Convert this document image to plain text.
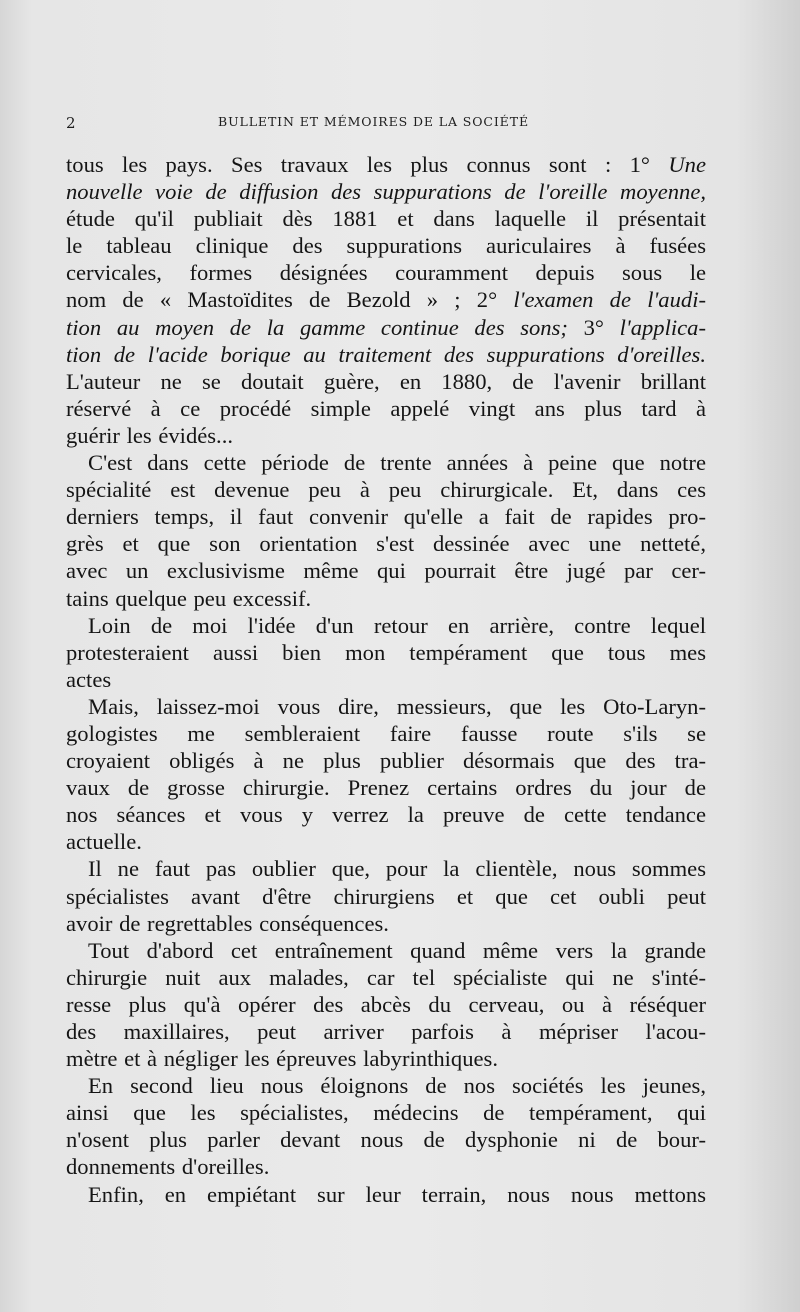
2	BULLETIN ET MÉMOIRES DE LA SOCIÉTÉ
tous les pays. Ses travaux les plus connus sont : 1° Une
nouvelle voie de diffusion des suppurations de l'oreille moyenne,
étude qu'il publiait dès 1881 et dans laquelle il présentait
le tableau clinique des suppurations auriculaires à fusées
cervicales, formes désignées couramment depuis sous le
nom de « Mastoïdites de Bezold » ; 2° l'examen de l'audi-
tion au moyen de la gamme continue des sons; 3° l'applica-
tion de l'acide borique au traitement des suppurations d'oreilles.
L'auteur ne se doutait guère, en 1880, de l'avenir brillant
réservé à ce procédé simple appelé vingt ans plus tard à
guérir les évidés...
C'est dans cette période de trente années à peine que notre
spécialité est devenue peu à peu chirurgicale. Et, dans ces
derniers temps, il faut convenir qu'elle a fait de rapides pro-
grès et que son orientation s'est dessinée avec une netteté,
avec un exclusivisme même qui pourrait être jugé par cer-
tains quelque peu excessif.
Loin de moi l'idée d'un retour en arrière, contre lequel
protesteraient aussi bien mon tempérament que tous mes
actes
Mais, laissez-moi vous dire, messieurs, que les Oto-Laryn-
gologistes me sembleraient faire fausse route s'ils se
croyaient obligés à ne plus publier désormais que des tra-
vaux de grosse chirurgie. Prenez certains ordres du jour de
nos séances et vous y verrez la preuve de cette tendance
actuelle.
Il ne faut pas oublier que, pour la clientèle, nous sommes
spécialistes avant d'être chirurgiens et que cet oubli peut
avoir de regrettables conséquences.
Tout d'abord cet entraînement quand même vers la grande
chirurgie nuit aux malades, car tel spécialiste qui ne s'inté-
resse plus qu'à opérer des abcès du cerveau, ou à réséquer
des maxillaires, peut arriver parfois à mépriser l'acou-
mètre et à négliger les épreuves labyrinthiques.
En second lieu nous éloignons de nos sociétés les jeunes,
ainsi que les spécialistes, médecins de tempérament, qui
n'osent plus parler devant nous de dysphonie ni de bour-
donnements d'oreilles.
Enfin, en empiétant sur leur terrain, nous nous mettons
